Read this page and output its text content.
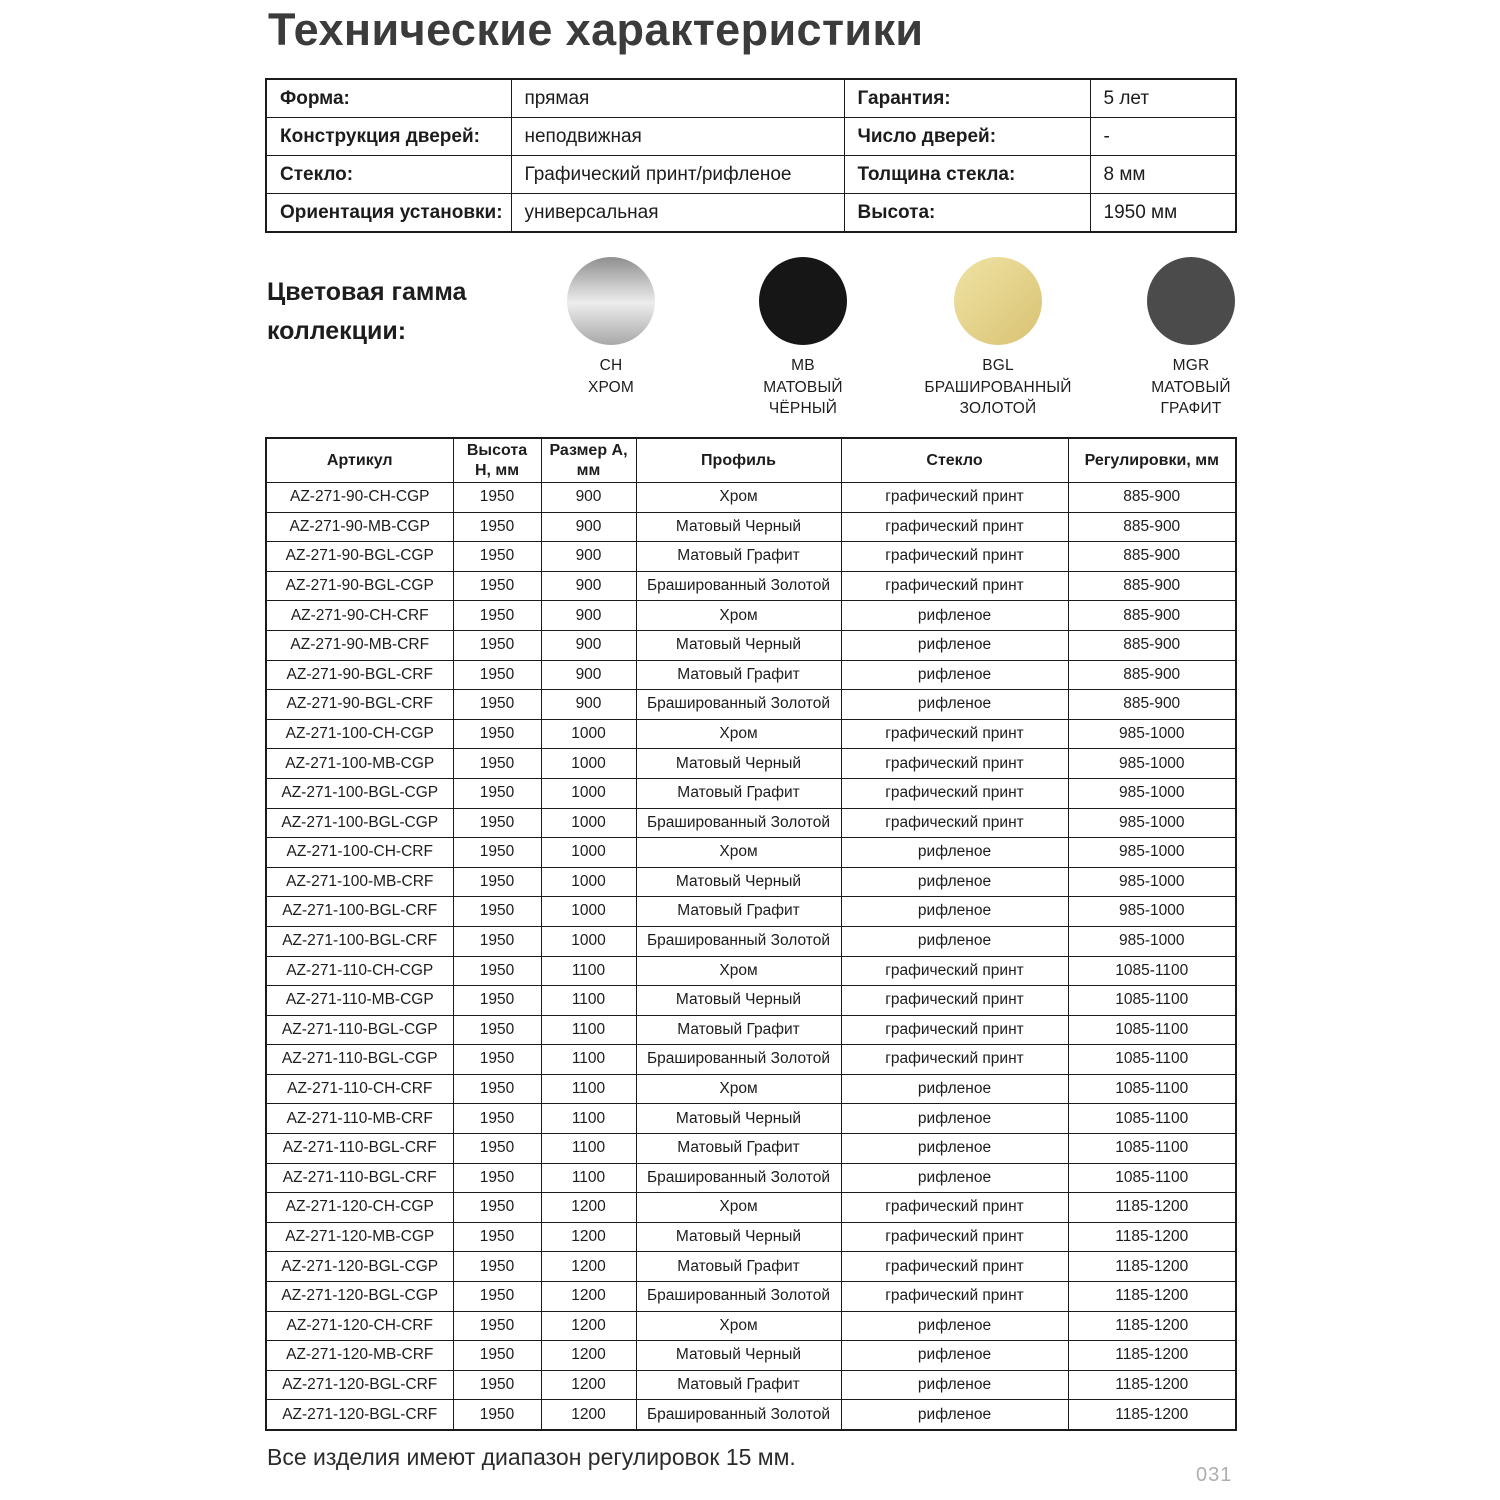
Технические характеристики
Форма:	прямая	Гарантия:	5 лет
Конструкция дверей:	неподвижная	Число дверей:	-
Стекло:	Графический принт/рифленое	Толщина стекла:	8 мм
Ориентация установки:	универсальная	Высота:	1950 мм
Цветовая гамма
коллекции:
CH
ХРОМ
MB
МАТОВЫЙ
ЧЁРНЫЙ
BGL
БРАШИРОВАННЫЙ
ЗОЛОТОЙ
MGR
МАТОВЫЙ
ГРАФИТ
Артикул	Высота H, мм	Размер A, мм	Профиль	Стекло	Регулировки, мм
AZ-271-90-CH-CGP	1950	900	Хром	графический принт	885-900
AZ-271-90-MB-CGP	1950	900	Матовый Черный	графический принт	885-900
AZ-271-90-BGL-CGP	1950	900	Матовый Графит	графический принт	885-900
AZ-271-90-BGL-CGP	1950	900	Брашированный Золотой	графический принт	885-900
AZ-271-90-CH-CRF	1950	900	Хром	рифленое	885-900
AZ-271-90-MB-CRF	1950	900	Матовый Черный	рифленое	885-900
AZ-271-90-BGL-CRF	1950	900	Матовый Графит	рифленое	885-900
AZ-271-90-BGL-CRF	1950	900	Брашированный Золотой	рифленое	885-900
AZ-271-100-CH-CGP	1950	1000	Хром	графический принт	985-1000
AZ-271-100-MB-CGP	1950	1000	Матовый Черный	графический принт	985-1000
AZ-271-100-BGL-CGP	1950	1000	Матовый Графит	графический принт	985-1000
AZ-271-100-BGL-CGP	1950	1000	Брашированный Золотой	графический принт	985-1000
AZ-271-100-CH-CRF	1950	1000	Хром	рифленое	985-1000
AZ-271-100-MB-CRF	1950	1000	Матовый Черный	рифленое	985-1000
AZ-271-100-BGL-CRF	1950	1000	Матовый Графит	рифленое	985-1000
AZ-271-100-BGL-CRF	1950	1000	Брашированный Золотой	рифленое	985-1000
AZ-271-110-CH-CGP	1950	1100	Хром	графический принт	1085-1100
AZ-271-110-MB-CGP	1950	1100	Матовый Черный	графический принт	1085-1100
AZ-271-110-BGL-CGP	1950	1100	Матовый Графит	графический принт	1085-1100
AZ-271-110-BGL-CGP	1950	1100	Брашированный Золотой	графический принт	1085-1100
AZ-271-110-CH-CRF	1950	1100	Хром	рифленое	1085-1100
AZ-271-110-MB-CRF	1950	1100	Матовый Черный	рифленое	1085-1100
AZ-271-110-BGL-CRF	1950	1100	Матовый Графит	рифленое	1085-1100
AZ-271-110-BGL-CRF	1950	1100	Брашированный Золотой	рифленое	1085-1100
AZ-271-120-CH-CGP	1950	1200	Хром	графический принт	1185-1200
AZ-271-120-MB-CGP	1950	1200	Матовый Черный	графический принт	1185-1200
AZ-271-120-BGL-CGP	1950	1200	Матовый Графит	графический принт	1185-1200
AZ-271-120-BGL-CGP	1950	1200	Брашированный Золотой	графический принт	1185-1200
AZ-271-120-CH-CRF	1950	1200	Хром	рифленое	1185-1200
AZ-271-120-MB-CRF	1950	1200	Матовый Черный	рифленое	1185-1200
AZ-271-120-BGL-CRF	1950	1200	Матовый Графит	рифленое	1185-1200
AZ-271-120-BGL-CRF	1950	1200	Брашированный Золотой	рифленое	1185-1200
Все изделия имеют диапазон регулировок 15 мм.
031
